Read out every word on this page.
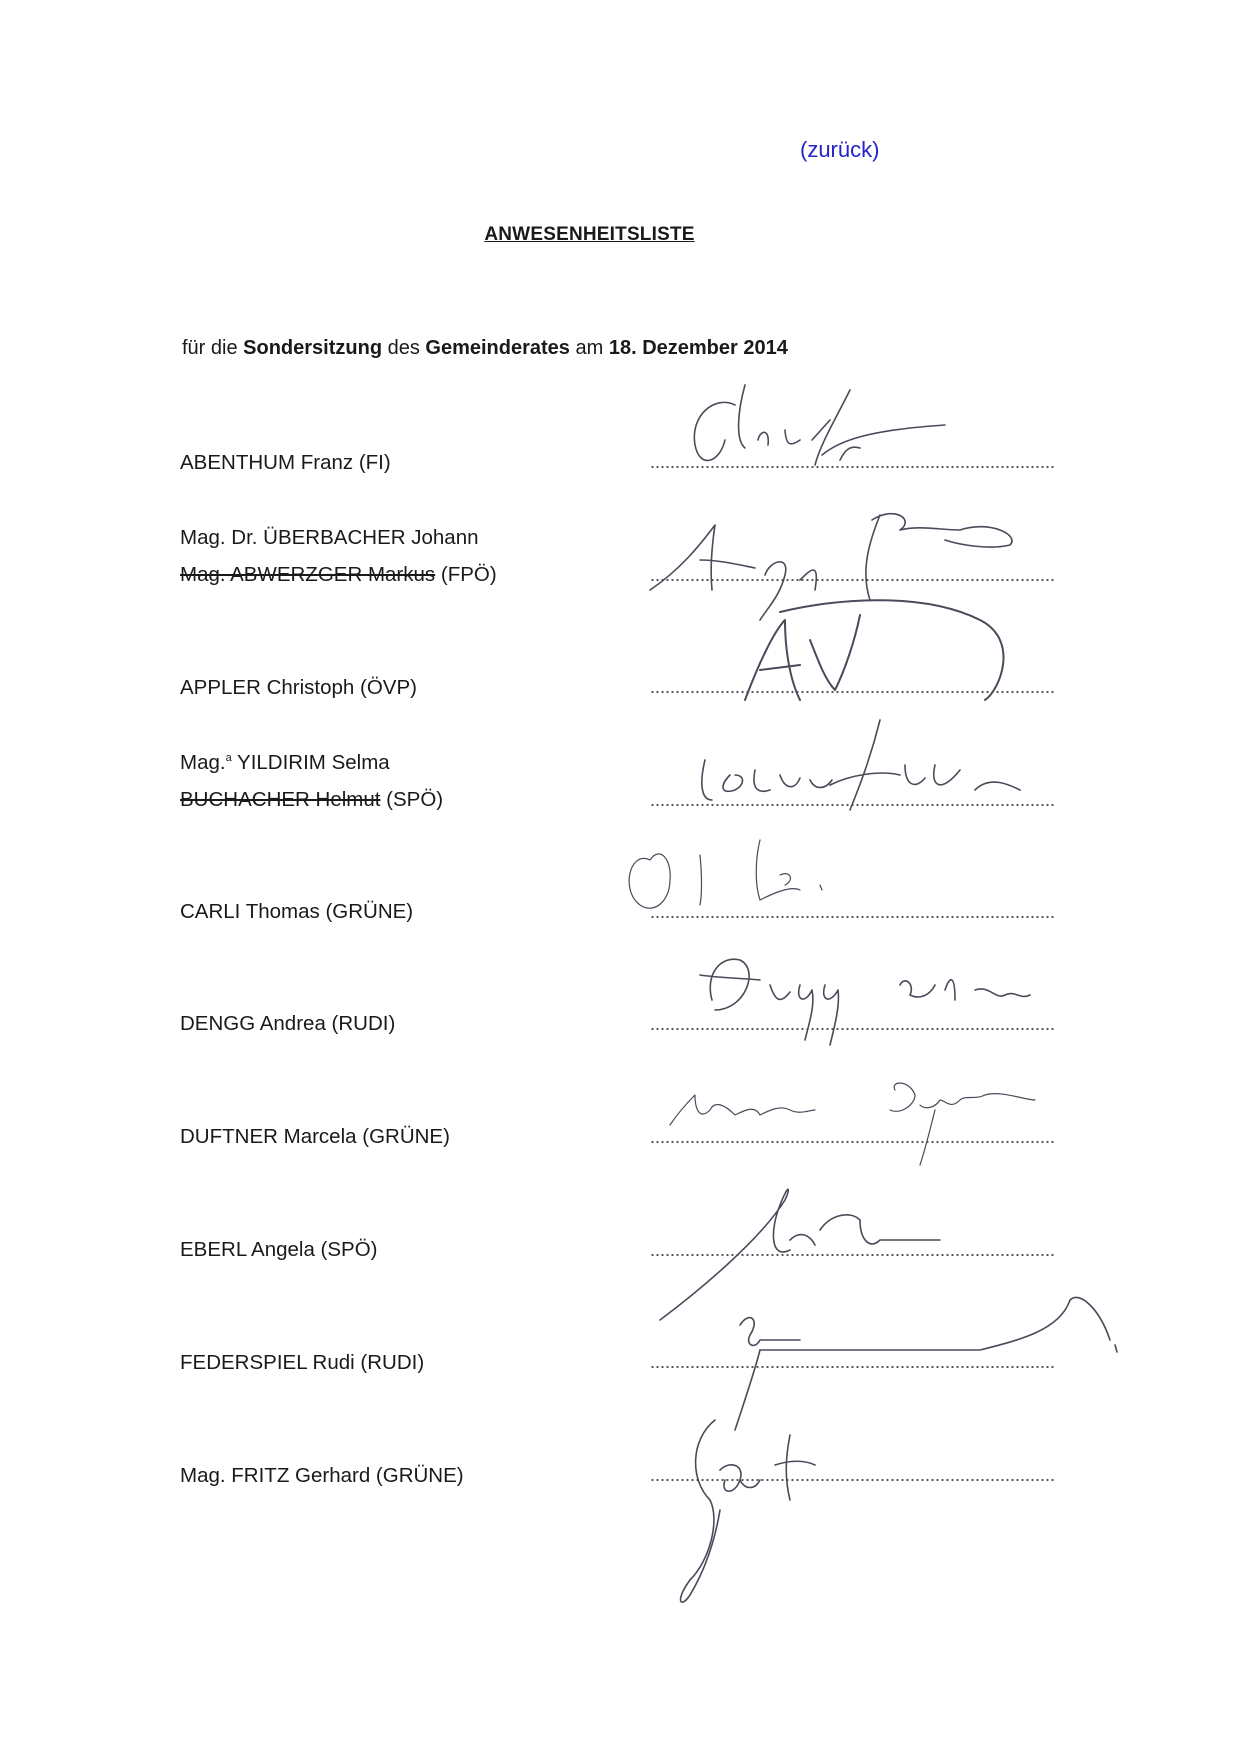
(zurück)
ANWESENHEITSLISTE
für die Sondersitzung des Gemeinderates am 18. Dezember 2014
ABENTHUM Franz (FI)
Mag. Dr. ÜBERBACHER Johann
Mag. ABWERZGER Markus (FPÖ)
APPLER Christoph (ÖVP)
Mag.$^a$ YILDIRIM Selma
BUCHACHER Helmut (SPÖ)
CARLI Thomas (GRÜNE)
DENGG Andrea (RUDI)
DUFTNER Marcela (GRÜNE)
EBERL Angela (SPÖ)
FEDERSPIEL Rudi (RUDI)
Mag. FRITZ Gerhard (GRÜNE)
